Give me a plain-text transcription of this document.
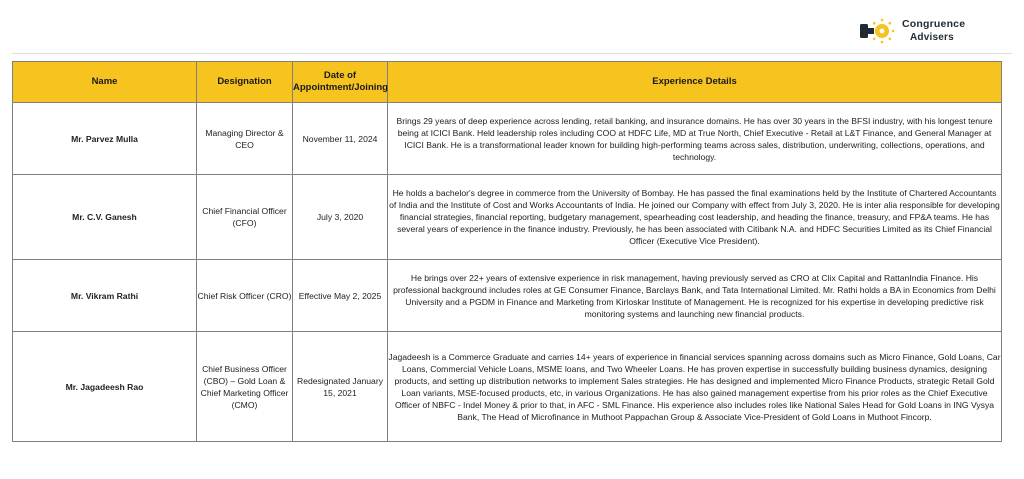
Congruence
Advisers
Name	Designation	Date of Appointment/Joining	Experience Details
Mr. Parvez Mulla	Managing Director & CEO	November 11, 2024	Brings 29 years of deep experience across lending, retail banking, and insurance domains. He has over 30 years in the BFSI industry, with his longest tenure being at ICICI Bank. Held leadership roles including COO at HDFC Life, MD at True North, Chief Executive - Retail at L&T Finance, and General Manager at ICICI Bank. He is a transformational leader known for building high-performing teams across sales, distribution, underwriting, collections, operations, and technology.
Mr. C.V. Ganesh	Chief Financial Officer (CFO)	July 3, 2020	He holds a bachelor's degree in commerce from the University of Bombay. He has passed the final examinations held by the Institute of Chartered Accountants of India and the Institute of Cost and Works Accountants of India. He joined our Company with effect from July 3, 2020. He is inter alia responsible for developing financial strategies, financial reporting, budgetary management, spearheading cost leadership, and heading the finance, treasury, and FP&A teams. He has several years of experience in the finance industry. Previously, he has been associated with Citibank N.A. and HDFC Securities Limited as its Chief Financial Officer (Executive Vice President).
Mr. Vikram Rathi	Chief Risk Officer (CRO)	Effective May 2, 2025	He brings over 22+ years of extensive experience in risk management, having previously served as CRO at Clix Capital and RattanIndia Finance. His professional background includes roles at GE Consumer Finance, Barclays Bank, and Tata International Limited. Mr. Rathi holds a BA in Economics from Delhi University and a PGDM in Finance and Marketing from Kirloskar Institute of Management. He is recognized for his expertise in developing predictive risk monitoring systems and launching new financial products.
Mr. Jagadeesh Rao	Chief Business Officer (CBO) – Gold Loan & Chief Marketing Officer (CMO)	Redesignated January 15, 2021	Jagadeesh is a Commerce Graduate and carries 14+ years of experience in financial services spanning across domains such as Micro Finance, Gold Loans, Car Loans, Commercial Vehicle Loans, MSME loans, and Two Wheeler Loans. He has proven expertise in successfully building business dynamics, designing products, and setting up distribution networks to implement Sales strategies. He has designed and implemented Micro Finance Products, strategic Retail Gold Loan variants, MSE-focused products, etc, in various Organizations. He has also gained management expertise from his prior roles as the Chief Executive Officer of NBFC - Indel Money & prior to that, in AFC - SML Finance. His experience also includes roles like National Sales Head for Gold Loans in ING Vysya Bank, The Head of Microfinance in Muthoot Pappachan Group & Associate Vice-President of Gold Loans in Muthoot Fincorp.
